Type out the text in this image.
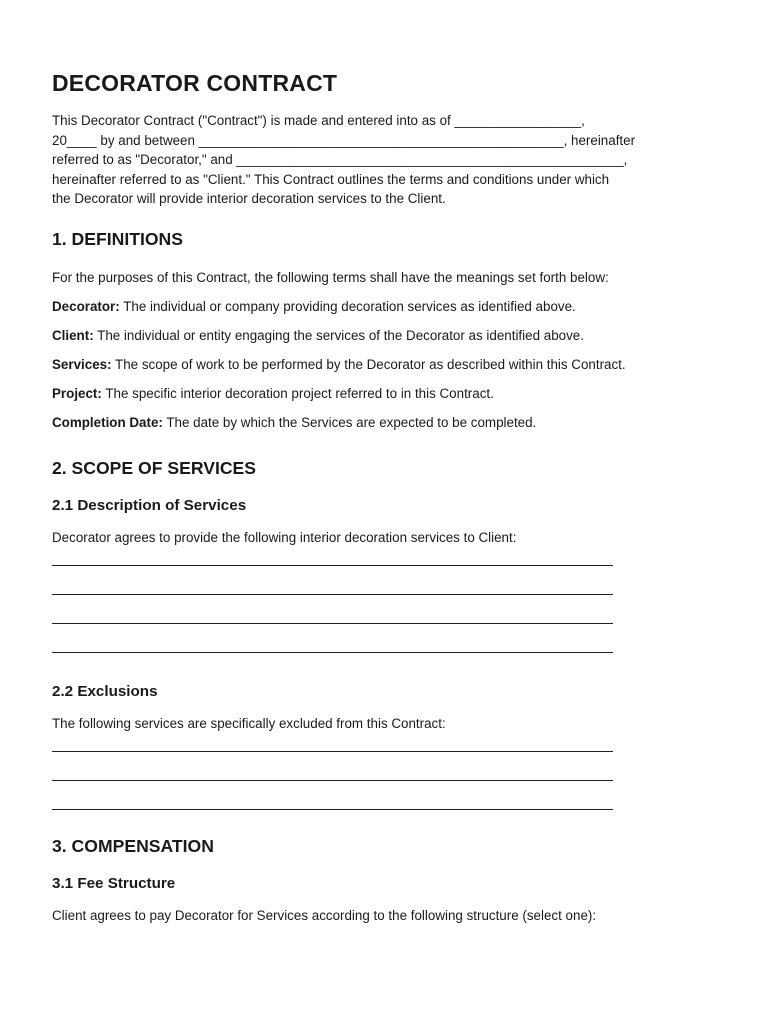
DECORATOR CONTRACT
This Decorator Contract ("Contract") is made and entered into as of _________________,
20____ by and between _________________________________________________, hereinafter
referred to as "Decorator," and ____________________________________________________,
hereinafter referred to as "Client." This Contract outlines the terms and conditions under which
the Decorator will provide interior decoration services to the Client.
1. DEFINITIONS

For the purposes of this Contract, the following terms shall have the meanings set forth below:

Decorator: The individual or company providing decoration services as identified above.

Client: The individual or entity engaging the services of the Decorator as identified above.

Services: The scope of work to be performed by the Decorator as described within this Contract.

Project: The specific interior decoration project referred to in this Contract.

Completion Date: The date by which the Services are expected to be completed.

2. SCOPE OF SERVICES
2.1 Description of Services

Decorator agrees to provide the following interior decoration services to Client:

2.2 Exclusions

The following services are specifically excluded from this Contract:

3. COMPENSATION
3.1 Fee Structure

Client agrees to pay Decorator for Services according to the following structure (select one):
